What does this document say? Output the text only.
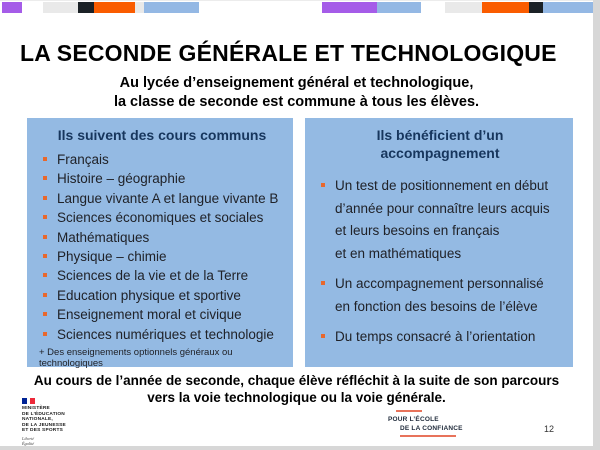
LA SECONDE GÉNÉRALE ET TECHNOLOGIQUE
Au lycée d’enseignement général et technologique,
la classe de seconde est commune à tous les élèves.
Ils suivent des cours communs
Français
Histoire – géographie
Langue vivante A et langue vivante B
Sciences économiques et sociales
Mathématiques
Physique – chimie
Sciences de la vie et de la Terre
Education physique et sportive
Enseignement moral et civique
Sciences numériques et technologie
+ Des enseignements optionnels généraux ou technologiques
Ils bénéficient d’un
accompagnement
Un test de positionnement en début
d’année pour connaître leurs acquis
et leurs besoins en français
et en mathématiques
Un accompagnement personnalisé
en fonction des besoins de l’élève
Du temps consacré à l’orientation
Au cours de l’année de seconde, chaque élève réfléchit à la suite de son parcours
vers la voie technologique ou la voie générale.
MINISTÈRE
DE L’ÉDUCATION
NATIONALE,
DE LA JEUNESSE
ET DES SPORTS
Liberté
Égalité
POUR L’ÉCOLE
DE LA CONFIANCE	12
